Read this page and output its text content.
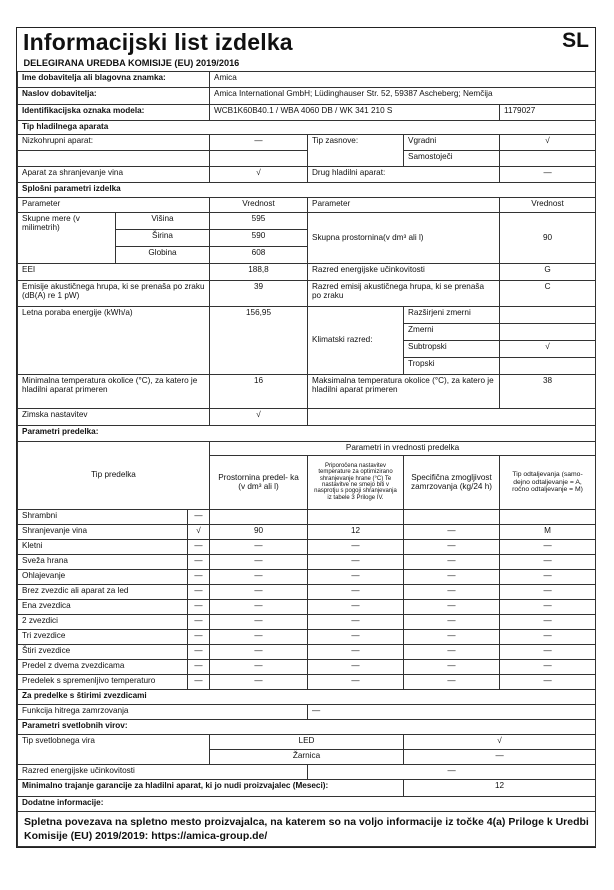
Informacijski list izdelka	SL
DELEGIRANA UREDBA KOMISIJE (EU) 2019/2016						
Ime dobavitelja ali blagovna znamka:			Amica			
Naslov dobavitelja:			Amica International GmbH; Lüdinghauser Str. 52, 59387 Ascheberg; Nemčija			
Identifikacijska oznaka modela:			WCB1K60B40.1 / WBA 4060 DB / WK 341 210 S			1179027
Tip hladilnega aparata						
Nizkohrupni aparat:			—	Tip zasnove:	Vgradni	√
					Samostoječi	
Aparat za shranjevanje vina			√	Drug hladilni aparat:		—
Splošni parametri izdelka						
Parameter			Vrednost	Parameter		Vrednost
Skupne mere (v milimetrih)	Višina		595	Skupna prostornina(v dm³ ali l)		90
	Širina		590			
	Globina		608			
EEI			188,8	Razred energijske učinkovitosti		G
Emisije akustičnega hrupa, ki se prenaša po zraku (dB(A) re 1 pW)			39	Razred emisij akustičnega hrupa, ki se prenaša po zraku		C
Letna poraba energije (kWh/a)			156,95	Klimatski razred:	Razširjeni zmerni	
					Zmerni	
					Subtropski	√
					Tropski	
Minimalna temperatura okolice (°C), za katero je hladilni aparat primeren			16	Maksimalna temperatura okolice (°C), za katero je hladilni aparat primeren		38
Zimska nastavitev			√			
Parametri predelka:						
Tip predelka			Parametri in vrednosti predelka			
			Prostornina predel- ka (v dm³ ali l)	Priporočena nastavitev temperature za optimizirano shranjevanje hrane (°C) Te nastavitve ne smejo biti v nasprotju s pogoji shranjevanja iz tabele 3 Priloge IV.	Specifična zmogljivost zamrzovanja (kg/24 h)	Tip odtaljevanja (samo- dejno odtaljevanje = A, ročno odtaljevanje = M)
Shrambni		—				
Shranjevanje vina		√	90	12	—	M
Kletni		—	—	—	—	—
Sveža hrana		—	—	—	—	—
Ohlajevanje		—	—	—	—	—
Brez zvezdic ali aparat za led		—	—	—	—	—
Ena zvezdica		—	—	—	—	—
2 zvezdici		—	—	—	—	—
Tri zvezdice		—	—	—	—	—
Štiri zvezdice		—	—	—	—	—
Predel z dvema zvezdicama		—	—	—	—	—
Predelek s spremenljivo temperaturo		—	—	—	—	—
Za predelke s štirimi zvezdicami						
Funkcija hitrega zamrzovanja				—		
Parametri svetlobnih virov:						
Tip svetlobnega vira			LED		√	
			Žarnica		—	
Razred energijske učinkovitosti				—		
Minimalno trajanje garancije za hladilni aparat, ki jo nudi proizvajalec (Meseci):					12	
Dodatne informacije:						
Spletna povezava na spletno mesto proizvajalca, na katerem so na voljo informacije iz točke 4(a) Priloge k Uredbi Komisije (EU) 2019/2019: https://amica-group.de/						
